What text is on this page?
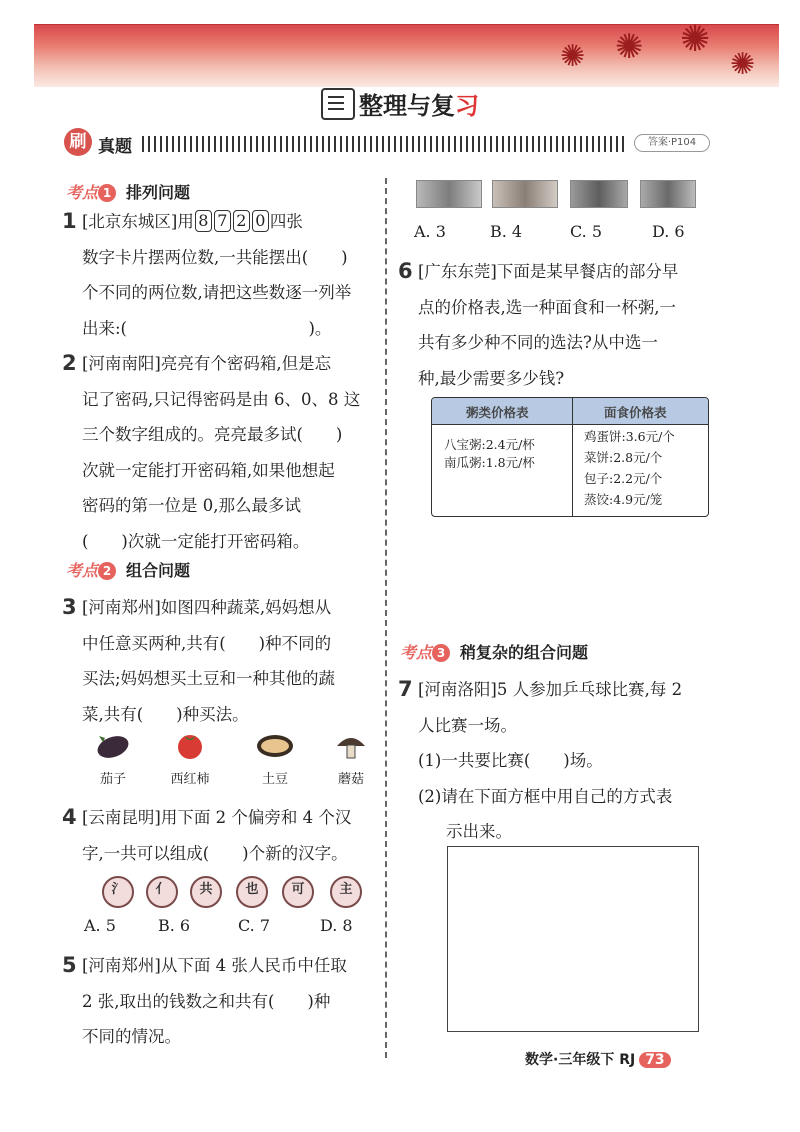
✺ ✺ ✺
✺
整理与复习
刷 真题	答案·P104
考点 1 排列问题
1 [北京东城区]用 8 7 2 0 四张
数字卡片摆两位数,一共能摆出(　　)
个不同的两位数,请把这些数逐一列举
出来:(　　　　　　　　　　　)。
2 [河南南阳]亮亮有个密码箱,但是忘
记了密码,只记得密码是由 6、0、8 这
三个数字组成的。亮亮最多试(　　)
次就一定能打开密码箱,如果他想起
密码的第一位是 0,那么最多试
(　　)次就一定能打开密码箱。
考点 2 组合问题
3 [河南郑州]如图四种蔬菜,妈妈想从
中任意买两种,共有(　　)种不同的
买法;妈妈想买土豆和一种其他的蔬
菜,共有(　　)种买法。
茄子	西红柿	土豆	蘑菇
4 [云南昆明]用下面 2 个偏旁和 4 个汉
字,一共可以组成(　　)个新的汉字。
氵	亻	共	也	可	主
A. 5	B. 6	C. 7	D. 8
5 [河南郑州]从下面 4 张人民币中任取
2 张,取出的钱数之和共有(　　)种
不同的情况。
A. 3	B. 4	C. 5	D. 6
6 [广东东莞]下面是某早餐店的部分早
点的价格表,选一种面食和一杯粥,一
共有多少种不同的选法?从中选一
种,最少需要多少钱?
粥类价格表	面食价格表
八宝粥:2.4元/杯
南瓜粥:1.8元/杯
鸡蛋饼:3.6元/个
菜饼:2.8元/个
包子:2.2元/个
蒸饺:4.9元/笼
考点 3 稍复杂的组合问题
7 [河南洛阳]5 人参加乒乓球比赛,每 2
人比赛一场。
(1)一共要比赛(　　)场。
(2)请在下面方框中用自己的方式表
示出来。
数学·三年级下 RJ 73
